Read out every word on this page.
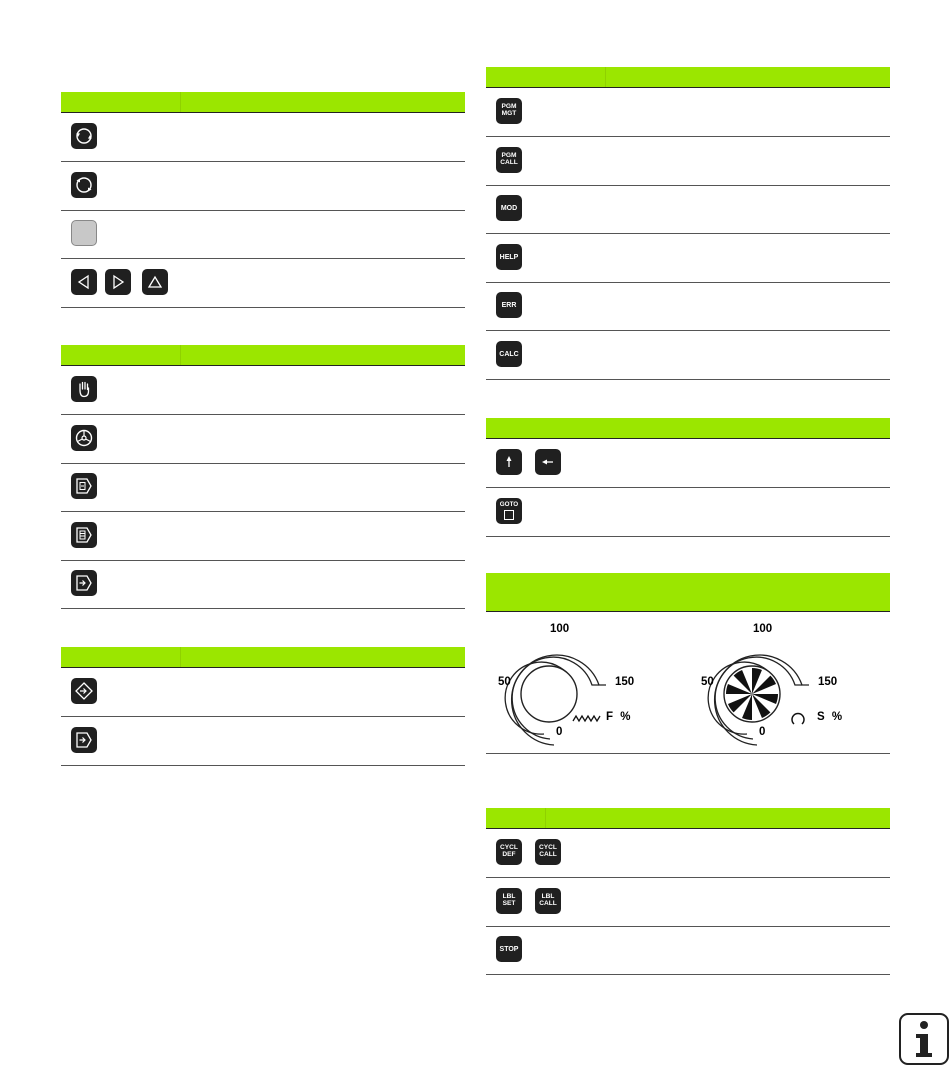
PGM
MGT
PGM
CALL
MOD
HELP
ERR
CALC
GOTO
0
50
100
150
F %
0
50
100
150
S %
CYCL
DEF
CYCL
CALL
LBL
SET
LBL
CALL
STOP
